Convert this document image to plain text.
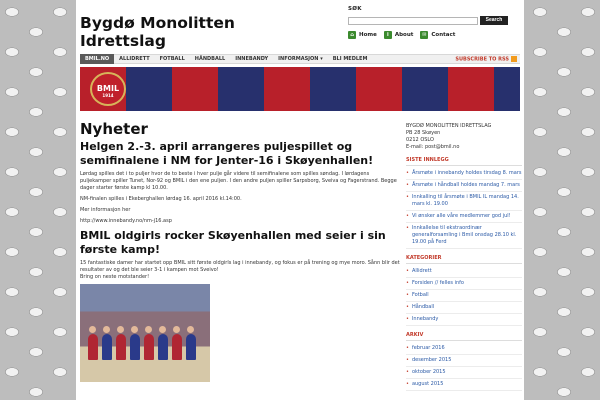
Bygdø Monolitten
Idrettslag
SØK
Search
⌂ Home	i	About	✉ Contact
BMIL.NO	ALLIDRETT	FOTBALL	HÅNDBALL	INNEBANDY	INFORMASJON ▾	BLI MEDLEM	SUBSCRIBE TO RSS
BMIL
1914
Nyheter
Helgen 2.-3. april arrangeres puljespillet og semifinalene i NM for Jenter-16 i Skøyenhallen!

Lørdag spilles det i to puljer hvor de to beste i hver pulje går videre til semifinalene som spilles søndag. I lørdagens puljekamper spiller Tunet, Nor-92 og BMIL i den ene puljen. I den andre puljen spiller Sarpsborg, Sveiva og Fagerstrand. Begge dager starter første kamp kl 10.00.

NM-finalen spilles i Ekeberghallen lørdag 16. april 2016 kl.14:00.

Mer informasjon her

http://www.innebandy.no/nm-j16.asp

BMIL oldgirls rocker Skøyenhallen med seier i sin første kamp!
15 fantastiske damer har startet opp BMIL sitt første oldgirls lag i innebandy, og fokus er på trening og mye moro. Sånn blir det resultater av og det ble seier 3-1 i kampen mot Sveivo!
Bring on neste motstander!
BYGDØ MONOLITTEN IDRETTSLAG
PB 28 Skøyen
0212 OSLO
E-mail: post@bmil.no
SISTE INNLEGG
• Årsmøte i innebandy holdes tirsdag 8. mars
• Årsmøte i håndball holdes mandag 7. mars
• Innkalling til årsmøte i BMIL IL mandag 14. mars kl. 19.00
• Vi ønsker alle våre medlemmer god jul!
• Innkallelse til ekstraordinær generalforsamling i Bmil onsdag 28.10 kl. 19.00 på Ferd
KATEGORIER
• Allidrett
• Forsiden // felles info
• Fotball
• Håndball
• Innebandy
ARKIV
• februar 2016
• desember 2015
• oktober 2015
• august 2015
